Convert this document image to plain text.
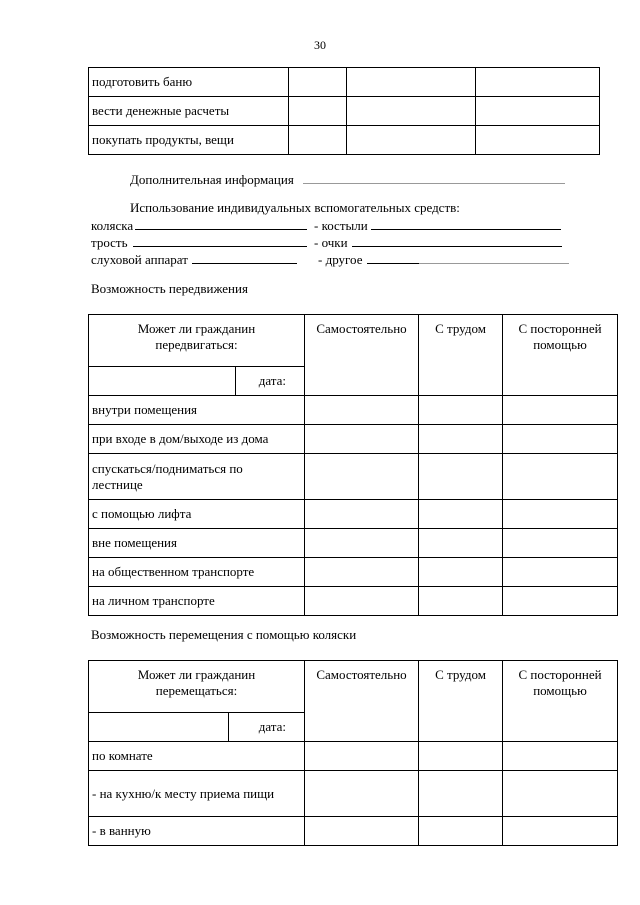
30
подготовить баню			
вести денежные расчеты			
покупать продукты, вещи			
Дополнительная информация
Использование индивидуальных вспомогательных средств:
коляска	- костыли
трость	- очки
слуховой аппарат	- другое
Возможность передвижения
Может ли гражданин передвигаться:		Самостоятельно	С трудом	С посторонней помощью
	дата:			
внутри помещения				
при входе в дом/выходе из дома				
спускаться/подниматься по лестнице				
с помощью лифта				
вне помещения				
на общественном транспорте				
на личном транспорте				
Возможность перемещения с помощью коляски
Может ли гражданин перемещаться:		Самостоятельно	С трудом	С посторонней помощью
	дата:			
по комнате				
- на кухню/к месту приема пищи				
- в ванную				
